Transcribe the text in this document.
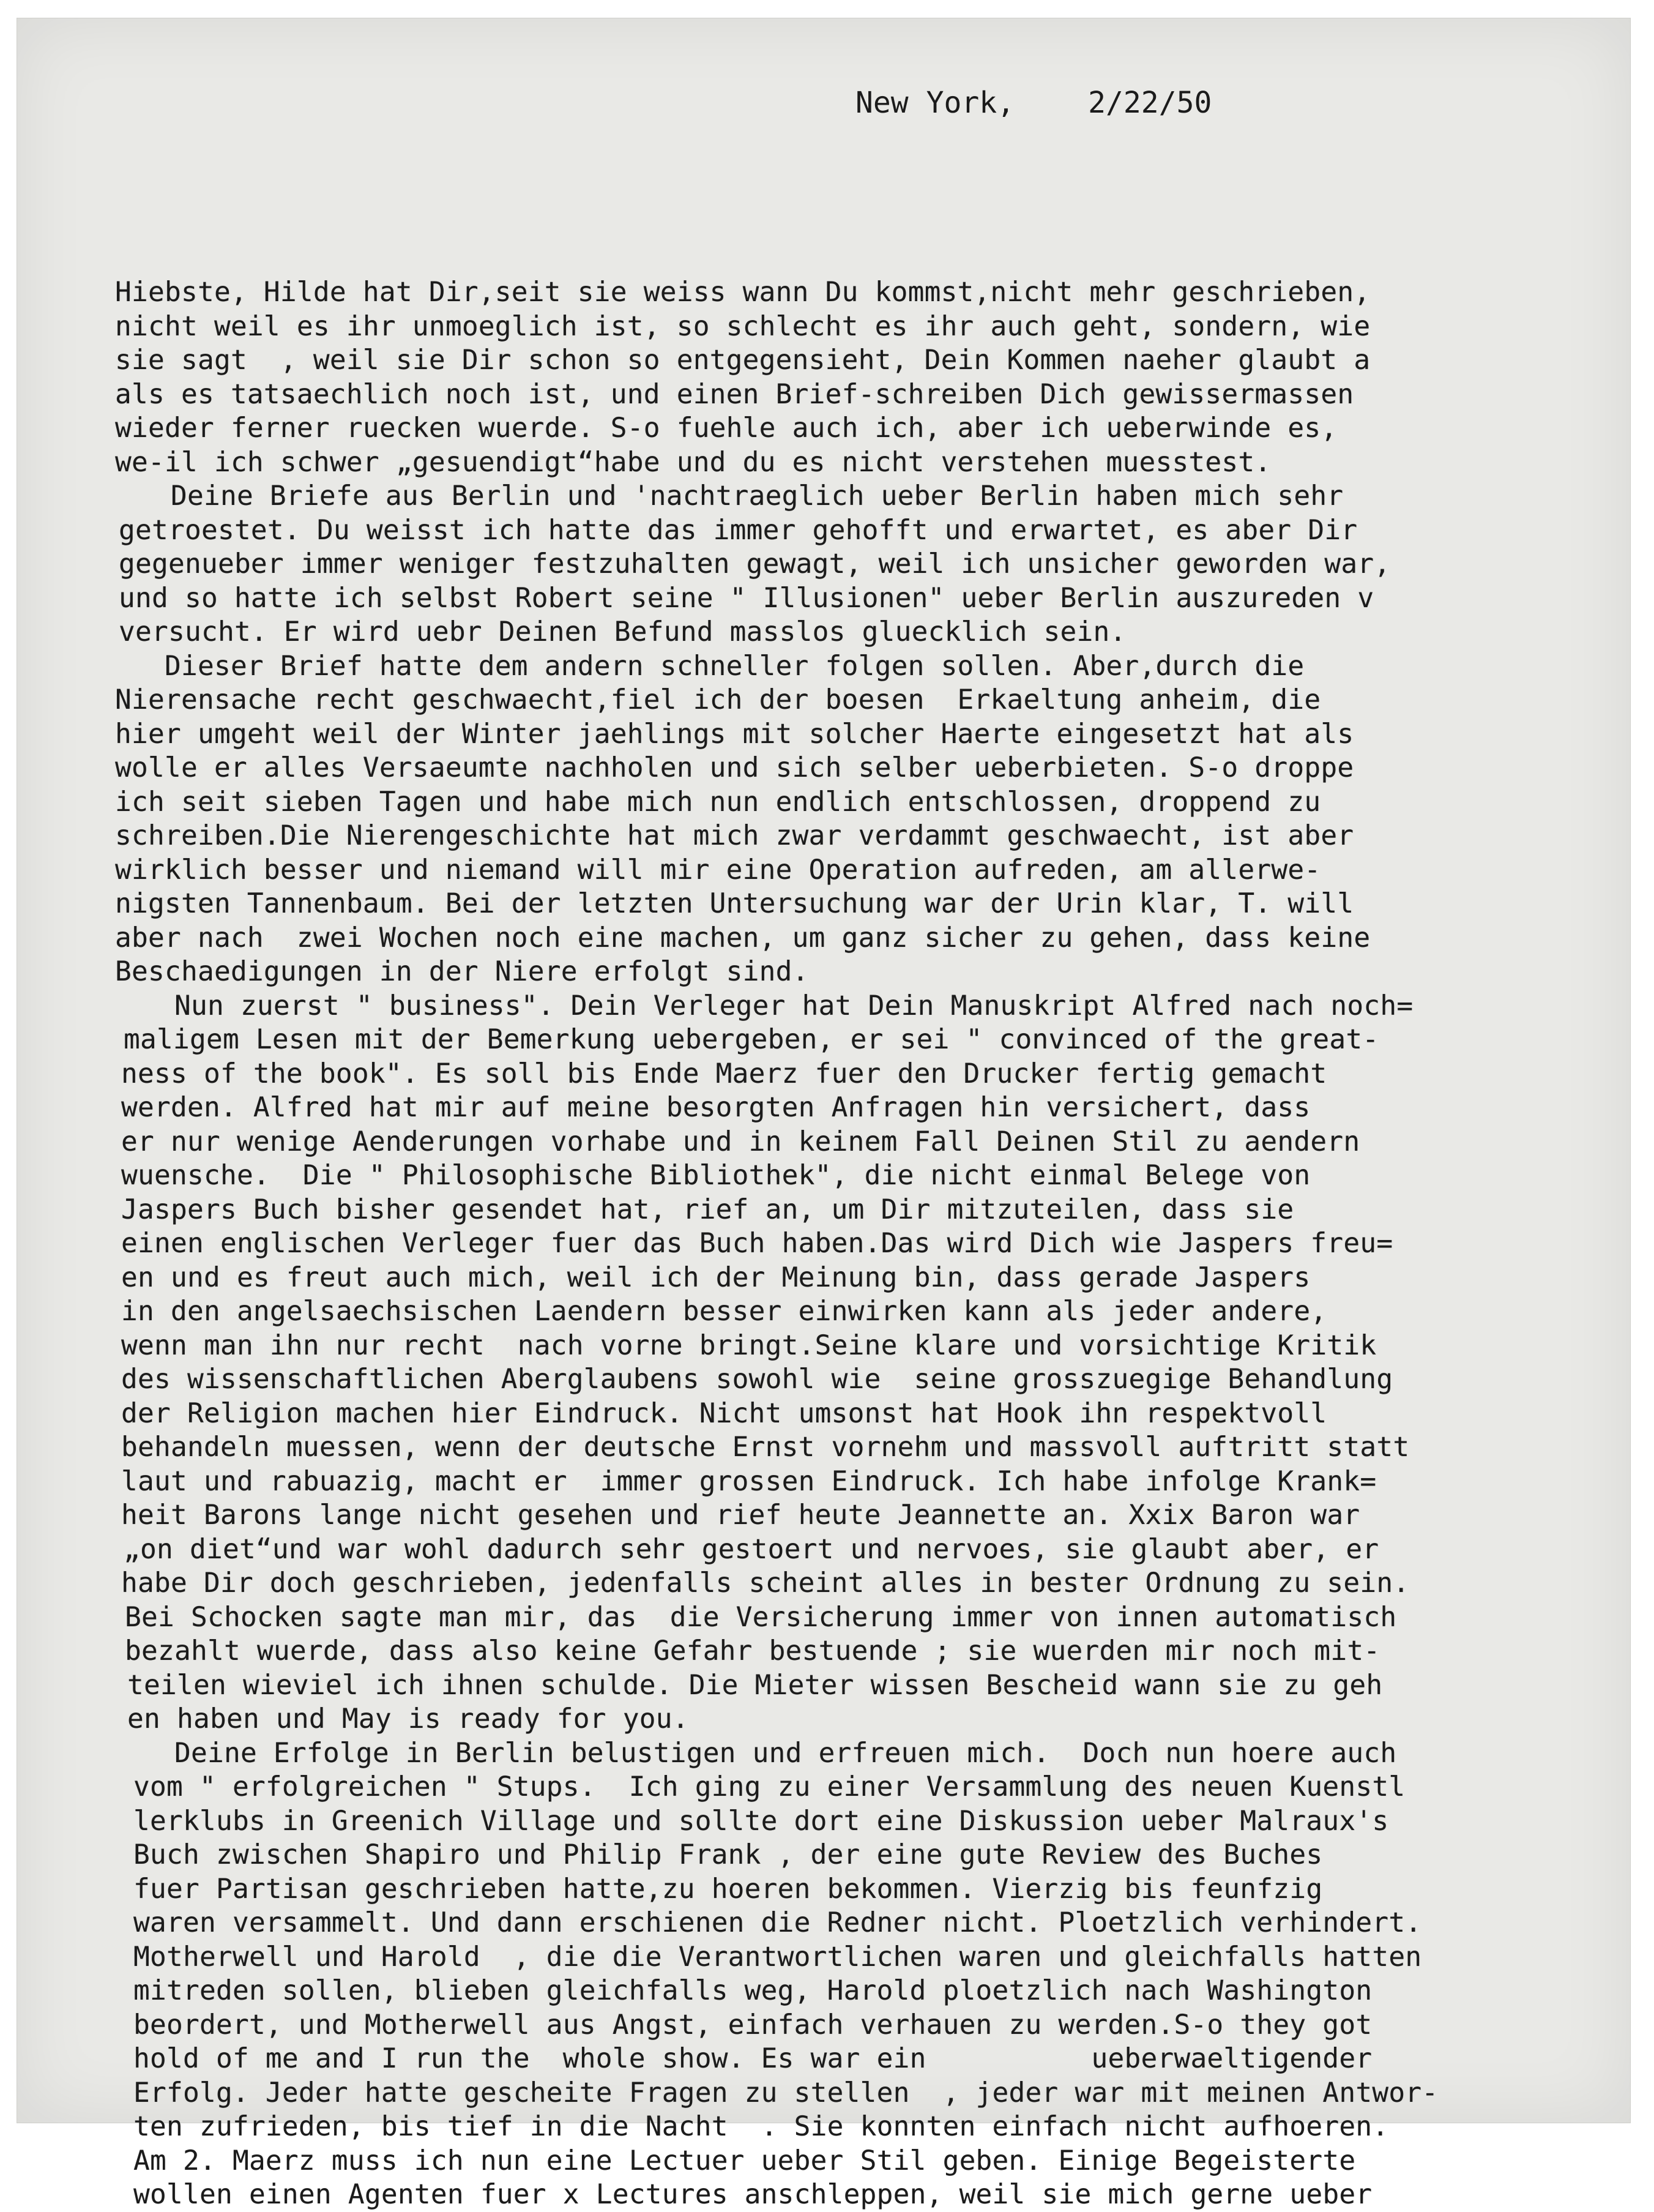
New York,	2/22/50
Hiebste, Hilde hat Dir,seit sie weiss wann Du kommst,nicht mehr geschrieben,
nicht weil es ihr unmoeglich ist, so schlecht es ihr auch geht, sondern, wie
sie sagt  , weil sie Dir schon so entgegensieht, Dein Kommen naeher glaubt a
als es tatsaechlich noch ist, und einen Brief-schreiben Dich gewissermassen
wieder ferner ruecken wuerde. S-o fuehle auch ich, aber ich ueberwinde es,
we-il ich schwer „gesuendigt“habe und du es nicht verstehen muesstest.
Deine Briefe aus Berlin und 'nachtraeglich ueber Berlin haben mich sehr
getroestet. Du weisst ich hatte das immer gehofft und erwartet, es aber Dir
gegenueber immer weniger festzuhalten gewagt, weil ich unsicher geworden war,
und so hatte ich selbst Robert seine " Illusionen" ueber Berlin auszureden v
versucht. Er wird uebr Deinen Befund masslos gluecklich sein.
Dieser Brief hatte dem andern schneller folgen sollen. Aber,durch die
Nierensache recht geschwaecht,fiel ich der boesen  Erkaeltung anheim, die
hier umgeht weil der Winter jaehlings mit solcher Haerte eingesetzt hat als
wolle er alles Versaeumte nachholen und sich selber ueberbieten. S-o droppe
ich seit sieben Tagen und habe mich nun endlich entschlossen, droppend zu
schreiben.Die Nierengeschichte hat mich zwar verdammt geschwaecht, ist aber
wirklich besser und niemand will mir eine Operation aufreden, am allerwe-
nigsten Tannenbaum. Bei der letzten Untersuchung war der Urin klar, T. will
aber nach  zwei Wochen noch eine machen, um ganz sicher zu gehen, dass keine
Beschaedigungen in der Niere erfolgt sind.
Nun zuerst " business". Dein Verleger hat Dein Manuskript Alfred nach noch=
maligem Lesen mit der Bemerkung uebergeben, er sei " convinced of the great-
ness of the book". Es soll bis Ende Maerz fuer den Drucker fertig gemacht
werden. Alfred hat mir auf meine besorgten Anfragen hin versichert, dass
er nur wenige Aenderungen vorhabe und in keinem Fall Deinen Stil zu aendern
wuensche.  Die " Philosophische Bibliothek", die nicht einmal Belege von
Jaspers Buch bisher gesendet hat, rief an, um Dir mitzuteilen, dass sie
einen englischen Verleger fuer das Buch haben.Das wird Dich wie Jaspers freu=
en und es freut auch mich, weil ich der Meinung bin, dass gerade Jaspers
in den angelsaechsischen Laendern besser einwirken kann als jeder andere,
wenn man ihn nur recht  nach vorne bringt.Seine klare und vorsichtige Kritik
des wissenschaftlichen Aberglaubens sowohl wie  seine grosszuegige Behandlung
der Religion machen hier Eindruck. Nicht umsonst hat Hook ihn respektvoll
behandeln muessen, wenn der deutsche Ernst vornehm und massvoll auftritt statt
laut und rabuazig, macht er  immer grossen Eindruck. Ich habe infolge Krank=
heit Barons lange nicht gesehen und rief heute Jeannette an. Xxix Baron war
„on diet“und war wohl dadurch sehr gestoert und nervoes, sie glaubt aber, er
habe Dir doch geschrieben, jedenfalls scheint alles in bester Ordnung zu sein.
Bei Schocken sagte man mir, das  die Versicherung immer von innen automatisch
bezahlt wuerde, dass also keine Gefahr bestuende ; sie wuerden mir noch mit-
teilen wieviel ich ihnen schulde. Die Mieter wissen Bescheid wann sie zu geh
en haben und May is ready for you.
Deine Erfolge in Berlin belustigen und erfreuen mich.  Doch nun hoere auch
vom " erfolgreichen " Stups.  Ich ging zu einer Versammlung des neuen Kuenstl
lerklubs in Greenich Village und sollte dort eine Diskussion ueber Malraux's
Buch zwischen Shapiro und Philip Frank , der eine gute Review des Buches
fuer Partisan geschrieben hatte,zu hoeren bekommen. Vierzig bis feunfzig
waren versammelt. Und dann erschienen die Redner nicht. Ploetzlich verhindert.
Motherwell und Harold  , die die Verantwortlichen waren und gleichfalls hatten
mitreden sollen, blieben gleichfalls weg, Harold ploetzlich nach Washington
beordert, und Motherwell aus Angst, einfach verhauen zu werden.S-o they got
hold of me and I run the  whole show. Es war ein          ueberwaeltigender
Erfolg. Jeder hatte gescheite Fragen zu stellen  , jeder war mit meinen Antwor-
ten zufrieden, bis tief in die Nacht  . Sie konnten einfach nicht aufhoeren.
Am 2. Maerz muss ich nun eine Lectuer ueber Stil geben. Einige Begeisterte
wollen einen Agenten fuer x Lectures anschleppen, weil sie mich gerne ueber
